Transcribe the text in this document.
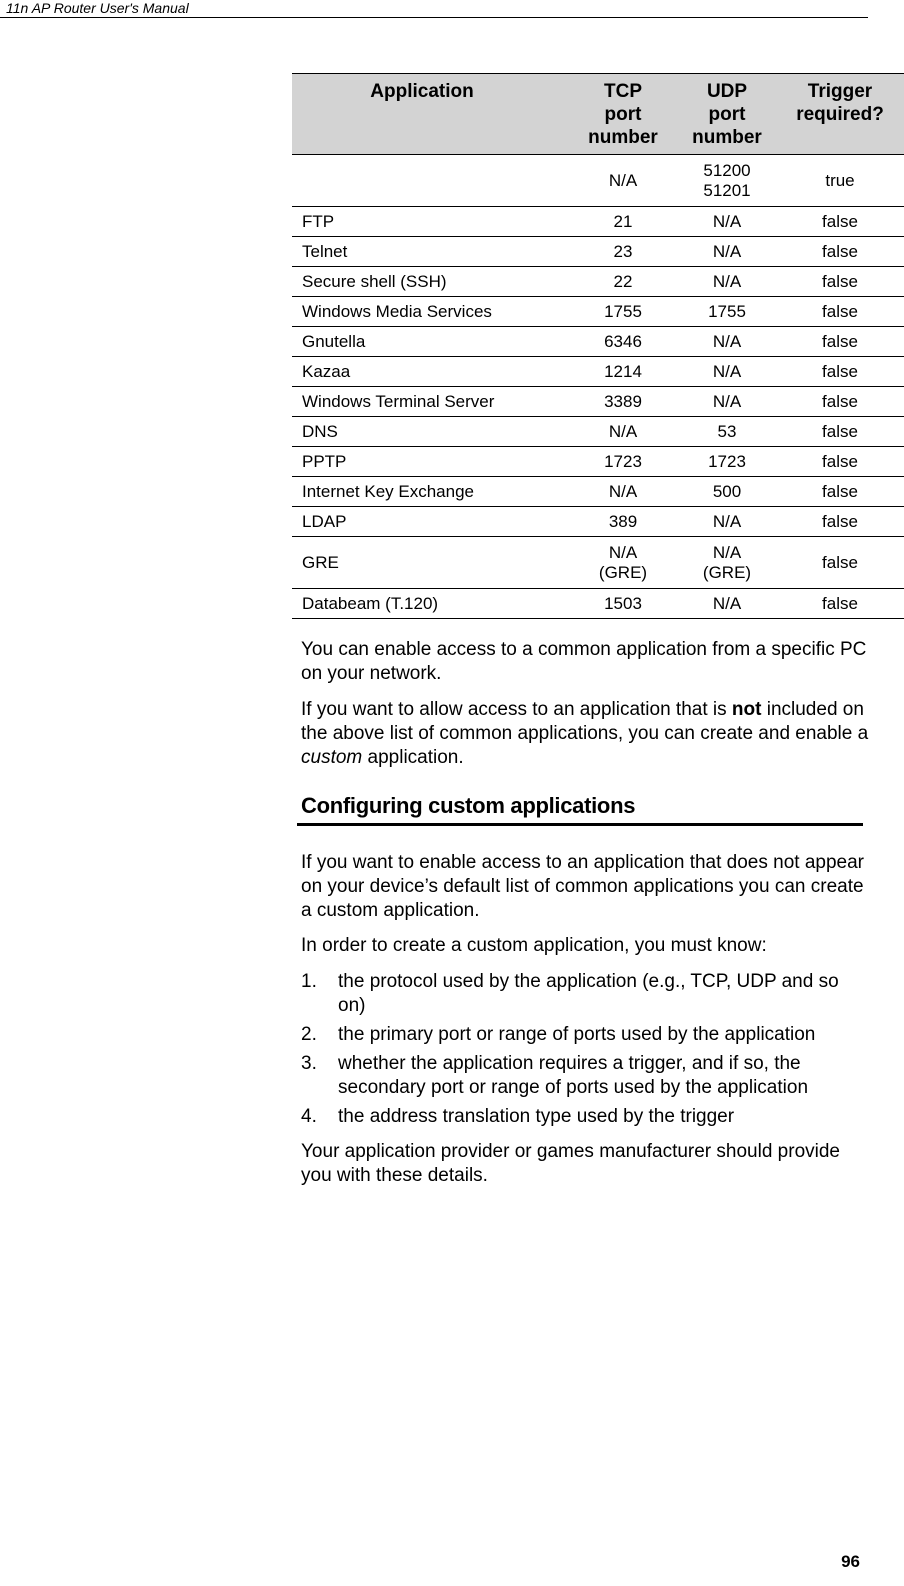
11n AP Router User's Manual
Application	TCP
port
number	UDP
port
number	Trigger
required?
	N/A	51200
51201	true
FTP	21	N/A	false
Telnet	23	N/A	false
Secure shell (SSH)	22	N/A	false
Windows Media Services	1755	1755	false
Gnutella	6346	N/A	false
Kazaa	1214	N/A	false
Windows Terminal Server	3389	N/A	false
DNS	N/A	53	false
PPTP	1723	1723	false
Internet Key Exchange	N/A	500	false
LDAP	389	N/A	false
GRE	N/A
(GRE)	N/A
(GRE)	false
Databeam (T.120)	1503	N/A	false
You can enable access to a common application from a specific PC on your network.
If you want to allow access to an application that is not included on the above list of common applications, you can create and enable a custom application.
Configuring custom applications
If you want to enable access to an application that does not appear on your device’s default list of common applications you can create a custom application.
In order to create a custom application, you must know:
1. the protocol used by the application (e.g., TCP, UDP and so on)
2. the primary port or range of ports used by the application
3. whether the application requires a trigger, and if so, the secondary port or range of ports used by the application
4. the address translation type used by the trigger
Your application provider or games manufacturer should provide you with these details.
96
